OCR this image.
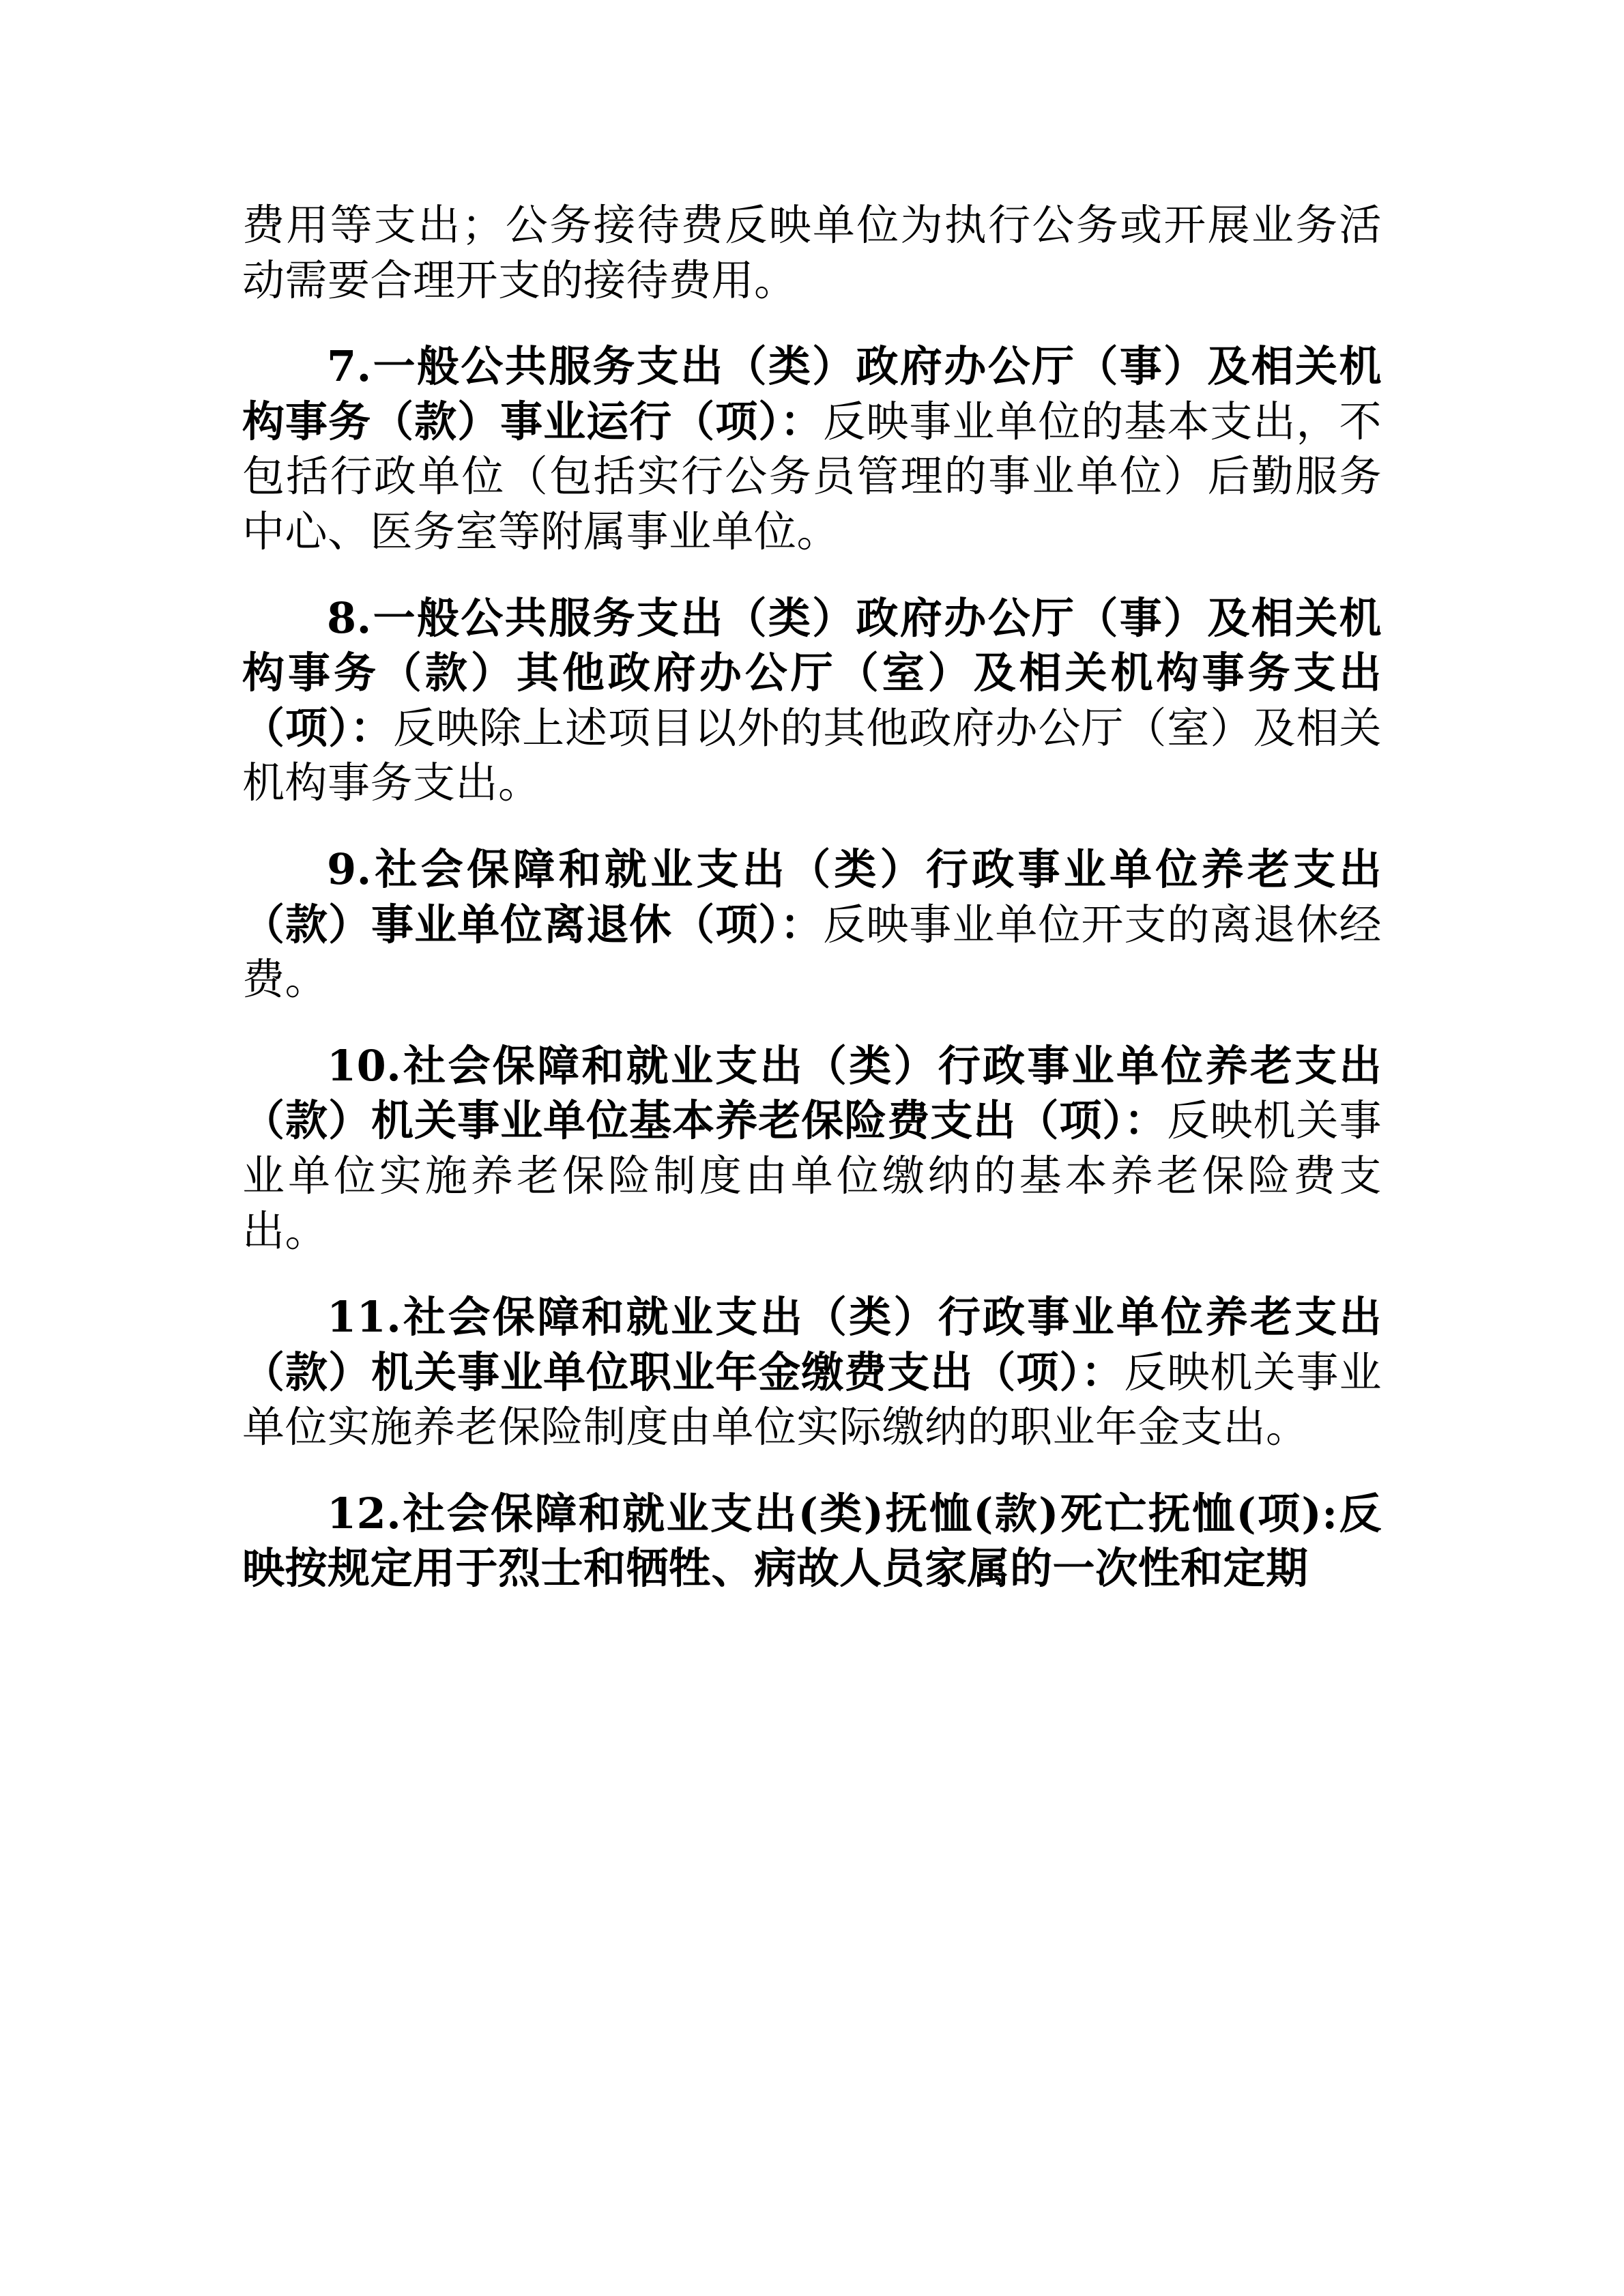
费用等支出；公务接待费反映单位为执行公务或开展业务活动需要合理开支的接待费用。

7.一般公共服务支出（类）政府办公厅（事）及相关机构事务（款）事业运行（项）：反映事业单位的基本支出，不包括行政单位（包括实行公务员管理的事业单位）后勤服务中心、医务室等附属事业单位。

8.一般公共服务支出（类）政府办公厅（事）及相关机构事务（款）其他政府办公厅（室）及相关机构事务支出（项）：反映除上述项目以外的其他政府办公厅（室）及相关机构事务支出。

9.社会保障和就业支出（类）行政事业单位养老支出（款）事业单位离退休（项）：反映事业单位开支的离退休经费。

10.社会保障和就业支出（类）行政事业单位养老支出（款）机关事业单位基本养老保险费支出（项）：反映机关事业单位实施养老保险制度由单位缴纳的基本养老保险费支出。

11.社会保障和就业支出（类）行政事业单位养老支出（款）机关事业单位职业年金缴费支出（项）：反映机关事业单位实施养老保险制度由单位实际缴纳的职业年金支出。

12.社会保障和就业支出(类)抚恤(款)死亡抚恤(项):反映按规定用于烈士和牺牲、病故人员家属的一次性和定期
